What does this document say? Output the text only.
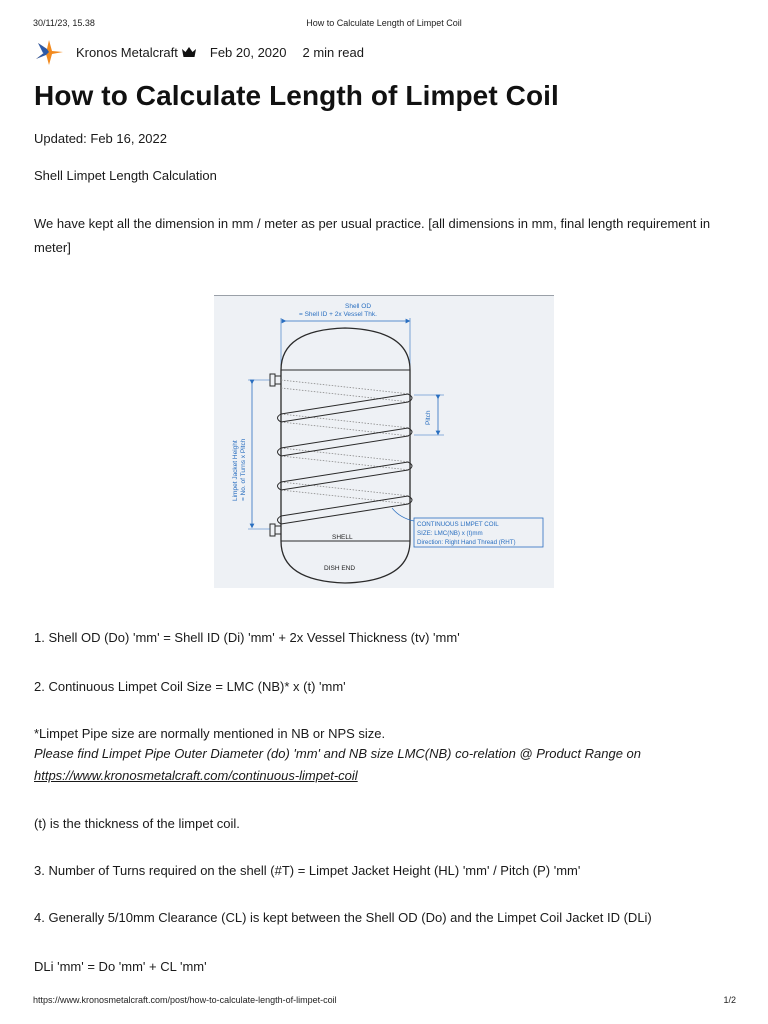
30/11/23, 15.38	How to Calculate Length of Limpet Coil
Kronos Metalcraft Feb 20, 2020 2 min read
How to Calculate Length of Limpet Coil
Updated: Feb 16, 2022
Shell Limpet Length Calculation
We have kept all the dimension in mm / meter as per usual practice. [all dimensions in mm, final length requirement in meter]
Shell OD
= Shell ID + 2x Vessel Thk.
Limpet Jacket Height = No. of Turns x Pitch
Pitch
SHELL
DISH END
CONTINUOUS LIMPET COIL
SIZE: LMC(NB) x (t)mm
Direction: Right Hand Thread (RHT)
1. Shell OD (Do) 'mm' = Shell ID (Di) 'mm' + 2x Vessel Thickness (tv) 'mm'
2. Continuous Limpet Coil Size = LMC (NB)* x (t) 'mm'
*Limpet Pipe size are normally mentioned in NB or NPS size.
Please find Limpet Pipe Outer Diameter (do) 'mm' and NB size LMC(NB) co-relation @ Product Range on
https://www.kronosmetalcraft.com/continuous-limpet-coil
(t) is the thickness of the limpet coil.
3. Number of Turns required on the shell (#T) = Limpet Jacket Height (HL) 'mm' / Pitch (P) 'mm'
4. Generally 5/10mm Clearance (CL) is kept between the Shell OD (Do) and the Limpet Coil Jacket ID (DLi)
DLi 'mm' = Do 'mm' + CL 'mm'
https://www.kronosmetalcraft.com/post/how-to-calculate-length-of-limpet-coil	1/2
